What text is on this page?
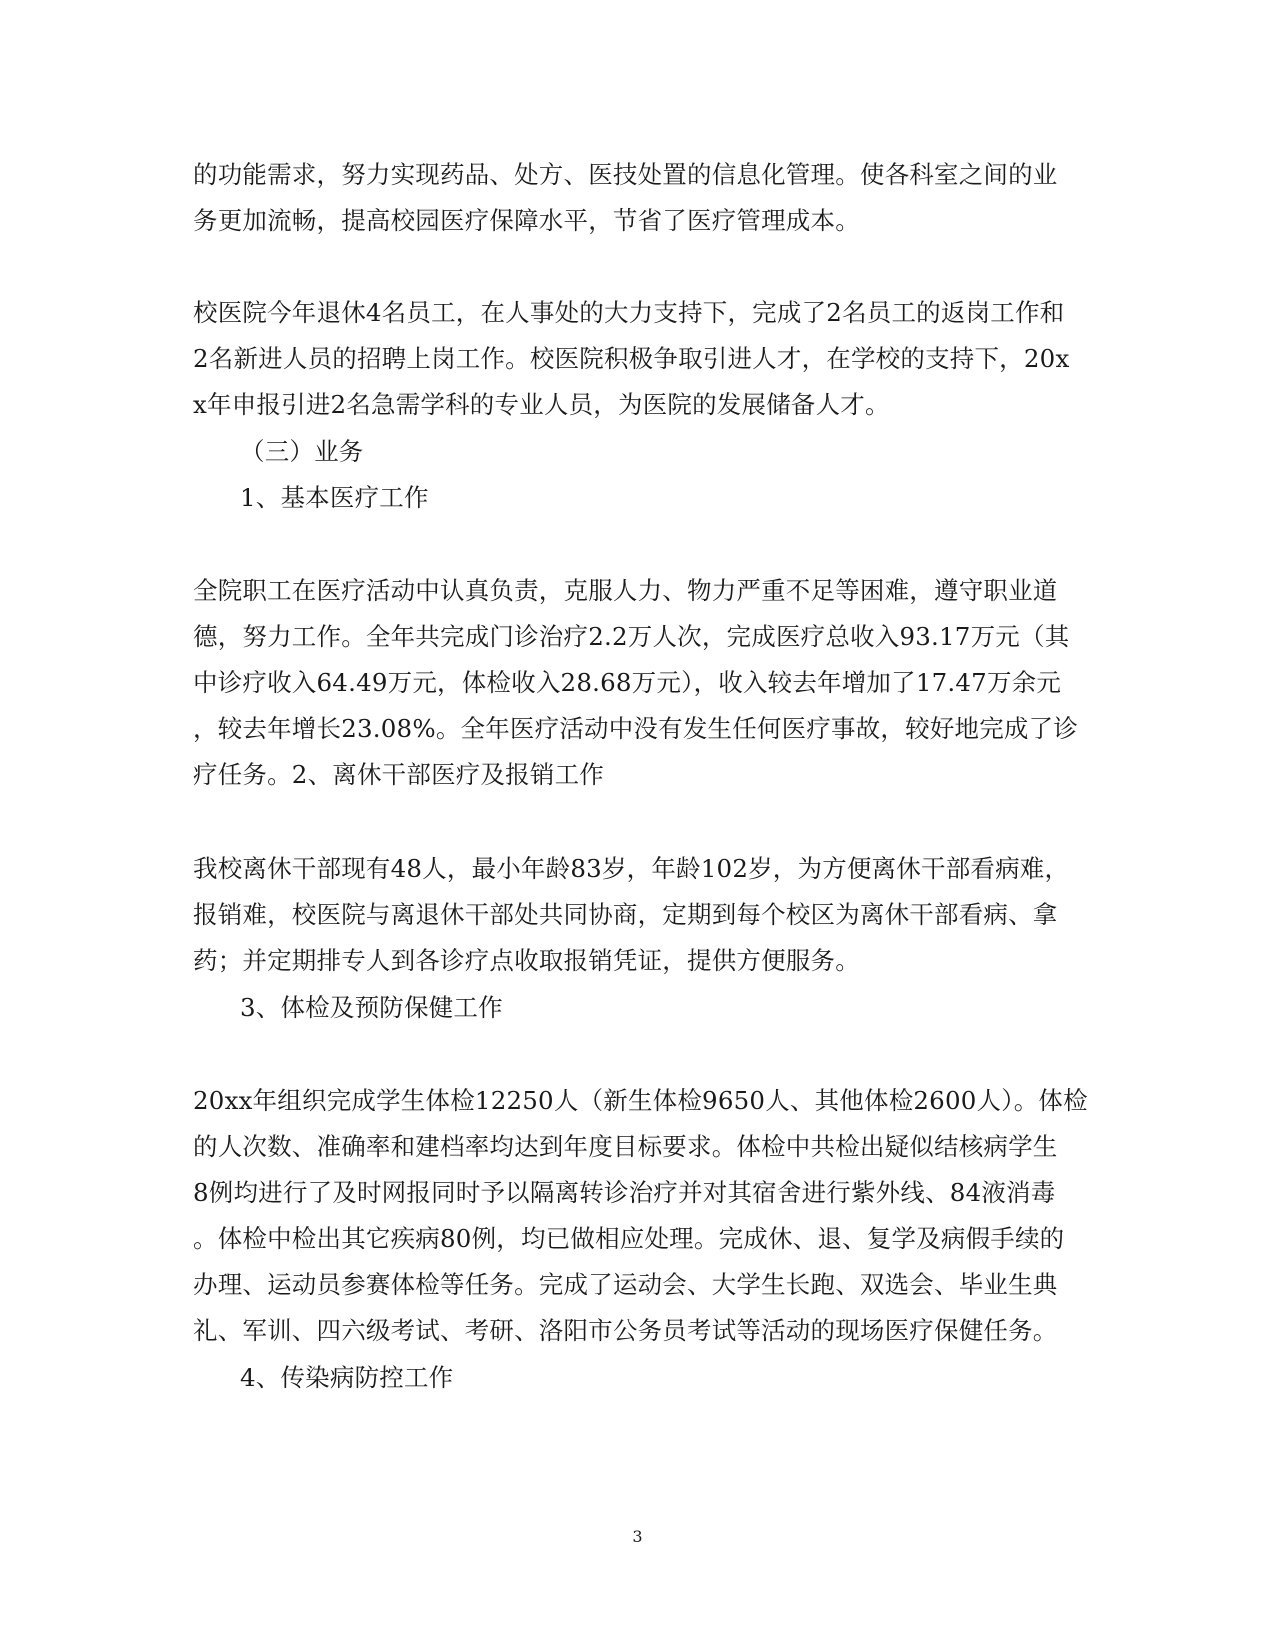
的功能需求，努力实现药品、处方、医技处置的信息化管理。使各科室之间的业
务更加流畅，提高校园医疗保障水平，节省了医疗管理成本。
校医院今年退休4名员工，在人事处的大力支持下，完成了2名员工的返岗工作和
2名新进人员的招聘上岗工作。校医院积极争取引进人才，在学校的支持下，20x
x年申报引进2名急需学科的专业人员，为医院的发展储备人才。
（三）业务
1、基本医疗工作
全院职工在医疗活动中认真负责，克服人力、物力严重不足等困难，遵守职业道
德，努力工作。全年共完成门诊治疗2.2万人次，完成医疗总收入93.17万元（其
中诊疗收入64.49万元，体检收入28.68万元），收入较去年增加了17.47万余元
，较去年增长23.08%。全年医疗活动中没有发生任何医疗事故，较好地完成了诊
疗任务。2、离休干部医疗及报销工作
我校离休干部现有48人，最小年龄83岁，年龄102岁，为方便离休干部看病难，
报销难，校医院与离退休干部处共同协商，定期到每个校区为离休干部看病、拿
药；并定期排专人到各诊疗点收取报销凭证，提供方便服务。
3、体检及预防保健工作
20xx年组织完成学生体检12250人（新生体检9650人、其他体检2600人）。体检
的人次数、准确率和建档率均达到年度目标要求。体检中共检出疑似结核病学生
8例均进行了及时网报同时予以隔离转诊治疗并对其宿舍进行紫外线、84液消毒
。体检中检出其它疾病80例，均已做相应处理。完成休、退、复学及病假手续的
办理、运动员参赛体检等任务。完成了运动会、大学生长跑、双选会、毕业生典
礼、军训、四六级考试、考研、洛阳市公务员考试等活动的现场医疗保健任务。
4、传染病防控工作
3
